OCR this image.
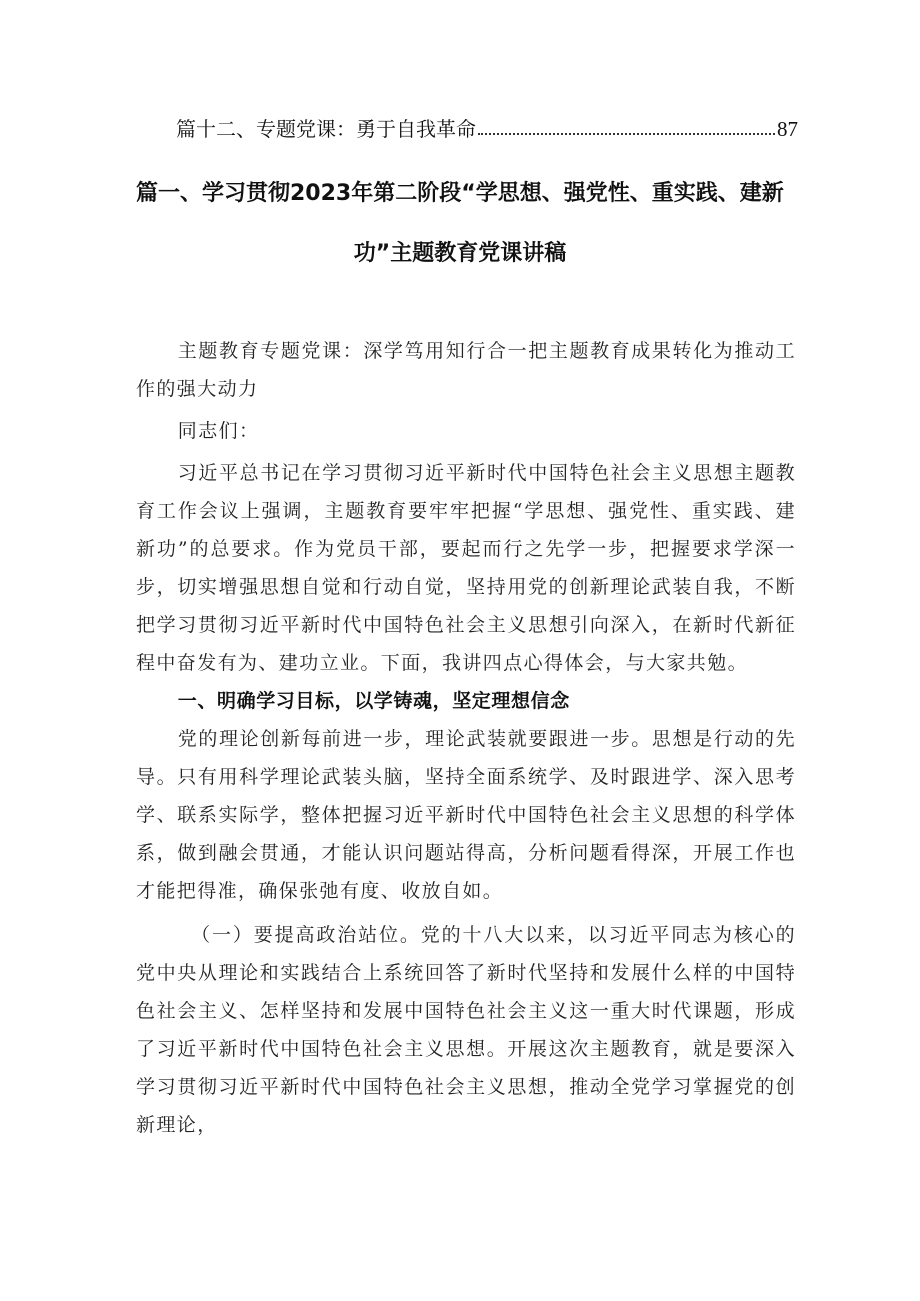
篇十二、专题党课：勇于自我革命	87
篇一、学习贯彻2023年第二阶段“学思想、强党性、重实践、建新
功”主题教育党课讲稿

主题教育专题党课：深学笃用知行合一把主题教育成果转化为推动工作的强大动力

同志们：

习近平总书记在学习贯彻习近平新时代中国特色社会主义思想主题教育工作会议上强调，主题教育要牢牢把握“学思想、强党性、重实践、建新功”的总要求。作为党员干部，要起而行之先学一步，把握要求学深一步，切实增强思想自觉和行动自觉，坚持用党的创新理论武装自我，不断把学习贯彻习近平新时代中国特色社会主义思想引向深入，在新时代新征程中奋发有为、建功立业。下面，我讲四点心得体会，与大家共勉。

一、明确学习目标，以学铸魂，坚定理想信念

党的理论创新每前进一步，理论武装就要跟进一步。思想是行动的先导。只有用科学理论武装头脑，坚持全面系统学、及时跟进学、深入思考学、联系实际学，整体把握习近平新时代中国特色社会主义思想的科学体系，做到融会贯通，才能认识问题站得高，分析问题看得深，开展工作也才能把得准，确保张弛有度、收放自如。

（一）要提高政治站位。党的十八大以来，以习近平同志为核心的党中央从理论和实践结合上系统回答了新时代坚持和发展什么样的中国特色社会主义、怎样坚持和发展中国特色社会主义这一重大时代课题，形成了习近平新时代中国特色社会主义思想。开展这次主题教育，就是要深入学习贯彻习近平新时代中国特色社会主义思想，推动全党学习掌握党的创新理论，
